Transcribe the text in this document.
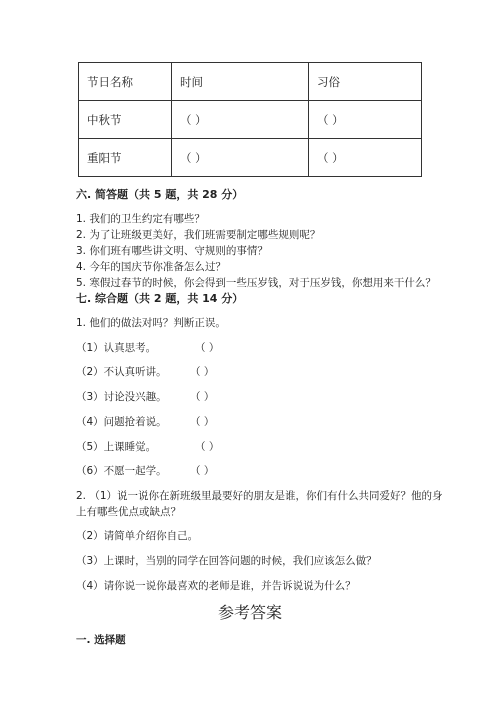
节日名称	时间	习俗
中秋节	（ ）	（ ）
重阳节	（ ）	（ ）
六. 简答题（共 5 题，共 28 分）
1. 我们的卫生约定有哪些？
2. 为了让班级更美好，我们班需要制定哪些规则呢？
3. 你们班有哪些讲文明、守规则的事情？
4. 今年的国庆节你准备怎么过？
5. 寒假过春节的时候，你会得到一些压岁钱，对于压岁钱，你想用来干什么？
七. 综合题（共 2 题，共 14 分）
1. 他们的做法对吗？判断正误。
（1）认真思考。	（ ）
（2）不认真听讲。 （ ）
（3）讨论没兴趣。 （ ）
（4）问题抢着说。 （ ）
（5）上课睡觉。	（ ）
（6）不愿一起学。 （ ）
2. （1）说一说你在新班级里最要好的朋友是谁，你们有什么共同爱好？他的身
上有哪些优点或缺点？
（2）请简单介绍你自己。
（3）上课时，当别的同学在回答问题的时候，我们应该怎么做？
（4）请你说一说你最喜欢的老师是谁，并告诉说说为什么？
参考答案
一. 选择题
